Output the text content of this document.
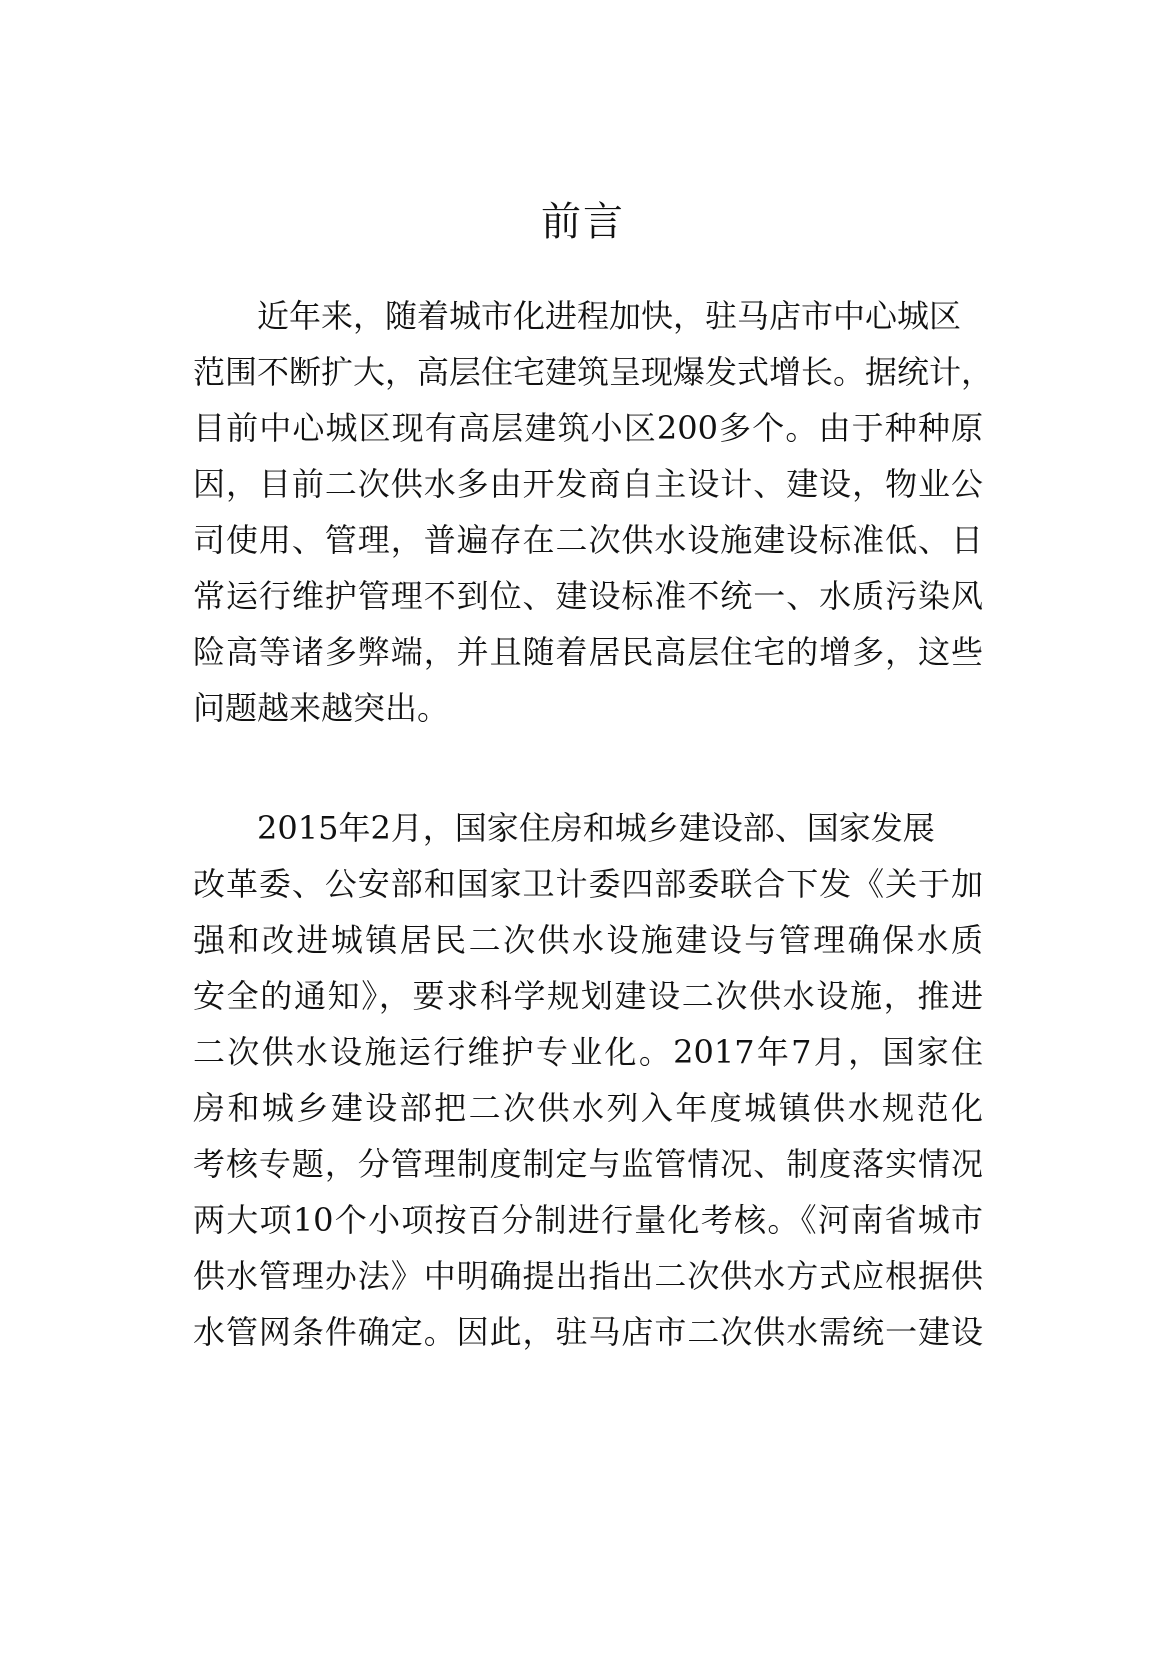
前言
　　近年来，随着城市化进程加快，驻马店市中心城区
范围不断扩大，高层住宅建筑呈现爆发式增长。据统计，
目前中心城区现有高层建筑小区200多个。由于种种原
因，目前二次供水多由开发商自主设计、建设，物业公
司使用、管理，普遍存在二次供水设施建设标准低、日
常运行维护管理不到位、建设标准不统一、水质污染风
险高等诸多弊端，并且随着居民高层住宅的增多，这些
问题越来越突出。
　　2015年2月，国家住房和城乡建设部、国家发展
改革委、公安部和国家卫计委四部委联合下发《关于加
强和改进城镇居民二次供水设施建设与管理确保水质
安全的通知》，要求科学规划建设二次供水设施，推进
二次供水设施运行维护专业化。2017年7月，国家住
房和城乡建设部把二次供水列入年度城镇供水规范化
考核专题，分管理制度制定与监管情况、制度落实情况
两大项10个小项按百分制进行量化考核。《河南省城市
供水管理办法》中明确提出指出二次供水方式应根据供
水管网条件确定。因此，驻马店市二次供水需统一建设
